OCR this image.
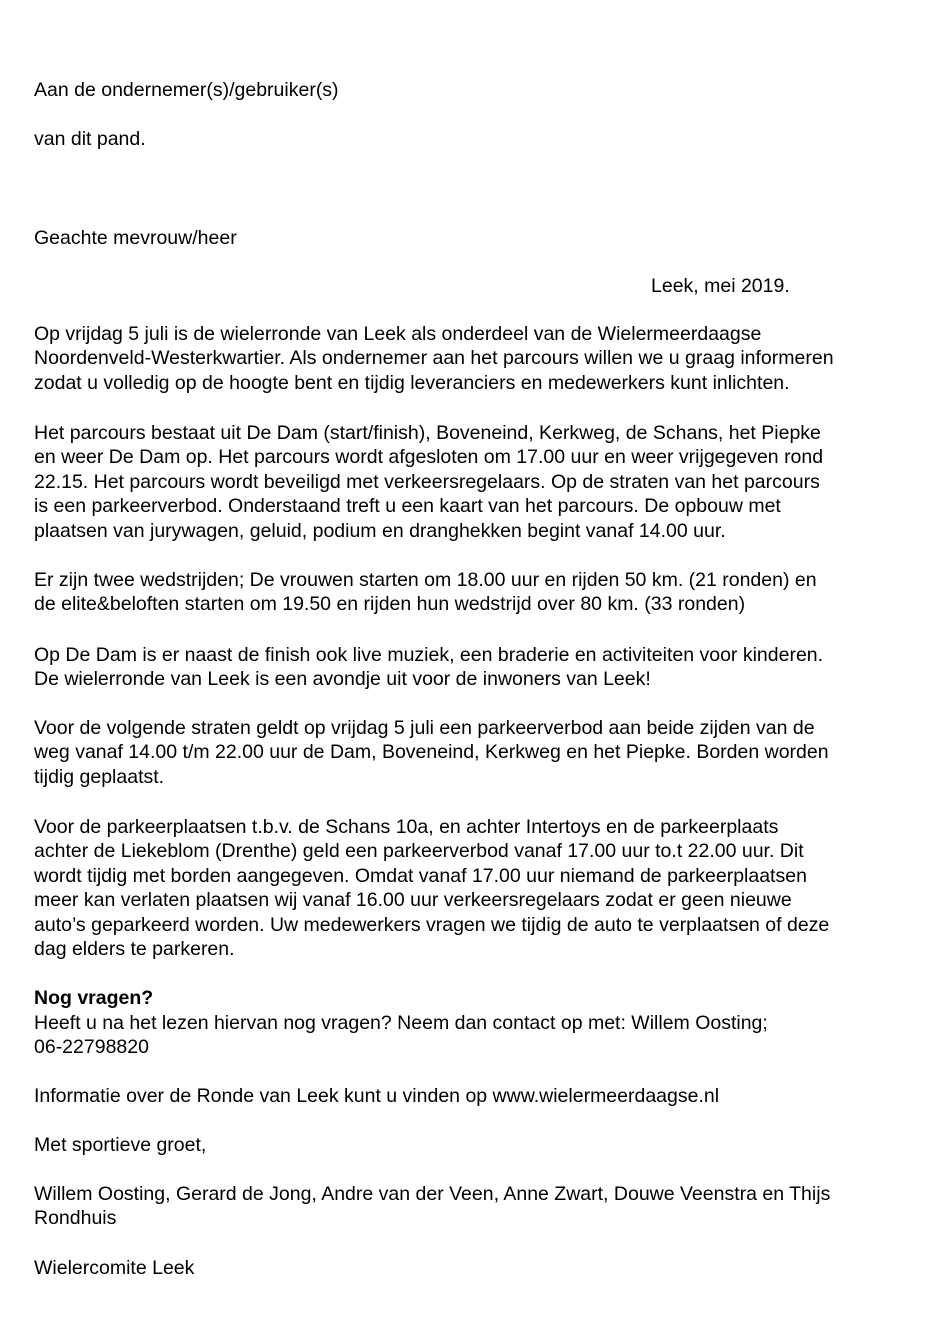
Aan de ondernemer(s)/gebruiker(s)

van dit pand.

Geachte mevrouw/heer
Leek, mei 2019.
Op vrijdag 5 juli is de wielerronde van Leek als onderdeel van de Wielermeerdaagse
Noordenveld-Westerkwartier. Als ondernemer aan het parcours willen we u graag informeren
zodat u volledig op de hoogte bent en tijdig leveranciers en medewerkers kunt inlichten.
Het parcours bestaat uit De Dam (start/finish), Boveneind, Kerkweg, de Schans, het Piepke
en weer De Dam op. Het parcours wordt afgesloten om 17.00 uur en weer vrijgegeven rond
22.15. Het parcours wordt beveiligd met verkeersregelaars. Op de straten van het parcours
is een parkeerverbod. Onderstaand treft u een kaart van het parcours. De opbouw met
plaatsen van jurywagen, geluid, podium en dranghekken begint vanaf 14.00 uur.
Er zijn twee wedstrijden; De vrouwen starten om 18.00 uur en rijden 50 km. (21 ronden) en
de elite&beloften starten om 19.50 en rijden hun wedstrijd over 80 km. (33 ronden)
Op De Dam is er naast de finish ook live muziek, een braderie en activiteiten voor kinderen.
De wielerronde van Leek is een avondje uit voor de inwoners van Leek!
Voor de volgende straten geldt op vrijdag 5 juli een parkeerverbod aan beide zijden van de
weg vanaf 14.00 t/m 22.00 uur de Dam, Boveneind, Kerkweg en het Piepke. Borden worden
tijdig geplaatst.
Voor de parkeerplaatsen t.b.v. de Schans 10a, en achter Intertoys en de parkeerplaats
achter de Liekeblom (Drenthe) geld een parkeerverbod vanaf 17.00 uur to.t 22.00 uur. Dit
wordt tijdig met borden aangegeven. Omdat vanaf 17.00 uur niemand de parkeerplaatsen
meer kan verlaten plaatsen wij vanaf 16.00 uur verkeersregelaars zodat er geen nieuwe
auto’s geparkeerd worden. Uw medewerkers vragen we tijdig de auto te verplaatsen of deze
dag elders te parkeren.
Nog vragen?
Heeft u na het lezen hiervan nog vragen? Neem dan contact op met: Willem Oosting;
06-22798820
Informatie over de Ronde van Leek kunt u vinden op www.wielermeerdaagse.nl
Met sportieve groet,
Willem Oosting, Gerard de Jong, Andre van der Veen, Anne Zwart, Douwe Veenstra en Thijs
Rondhuis
Wielercomite Leek
